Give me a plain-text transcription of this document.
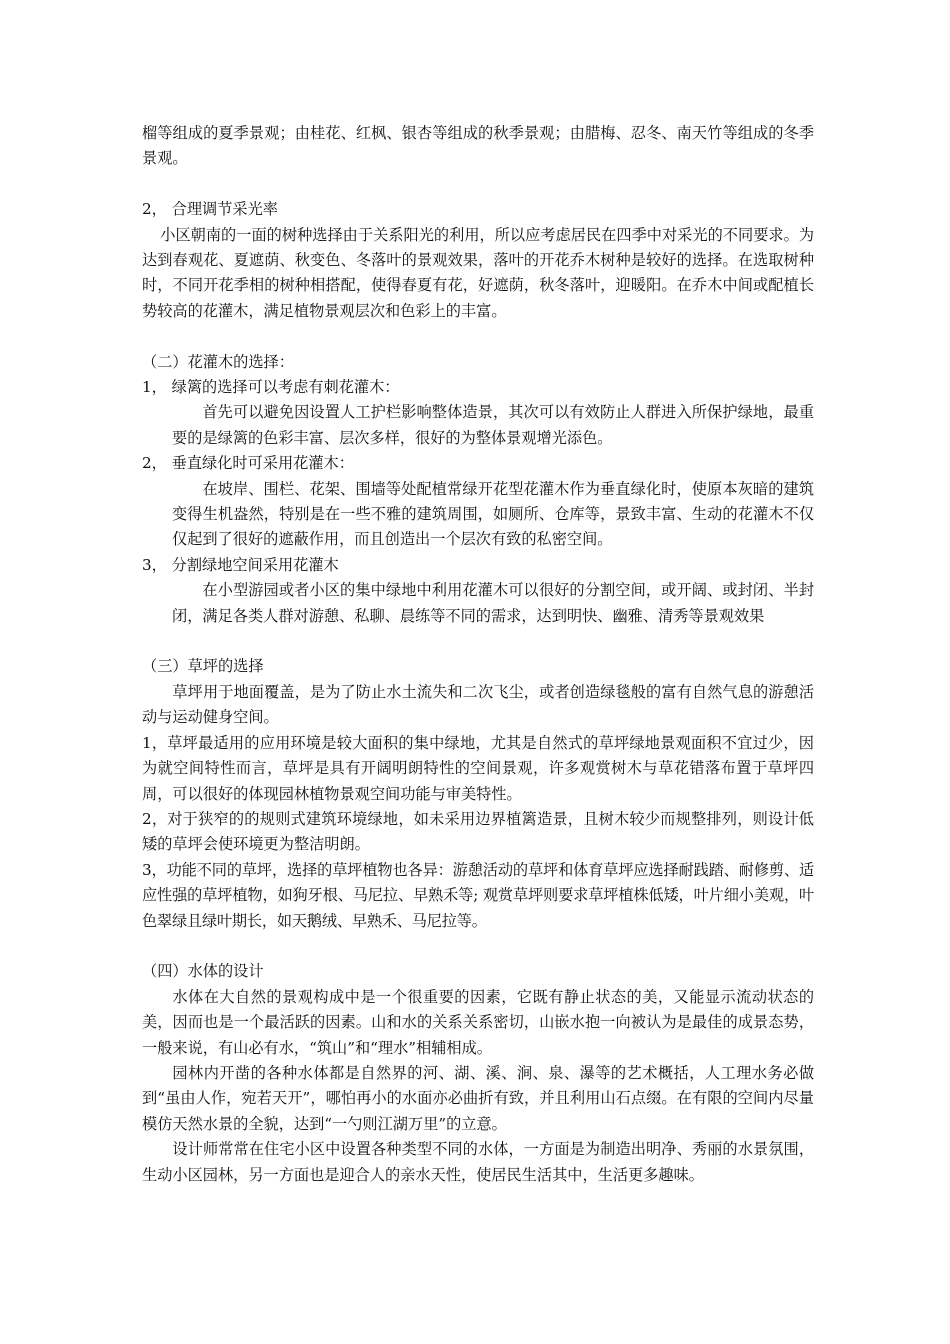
榴等组成的夏季景观；由桂花、红枫、银杏等组成的秋季景观；由腊梅、忍冬、南天竹等组成的冬季景观。

2， 合理调节采光率

小区朝南的一面的树种选择由于关系阳光的利用，所以应考虑居民在四季中对采光的不同要求。为达到春观花、夏遮荫、秋变色、冬落叶的景观效果，落叶的开花乔木树种是较好的选择。在选取树种时，不同开花季相的树种相搭配，使得春夏有花，好遮荫，秋冬落叶，迎暖阳。在乔木中间或配植长势较高的花灌木，满足植物景观层次和色彩上的丰富。

（二）花灌木的选择：

1， 绿篱的选择可以考虑有刺花灌木：

首先可以避免因设置人工护栏影响整体造景，其次可以有效防止人群进入所保护绿地，最重要的是绿篱的色彩丰富、层次多样，很好的为整体景观增光添色。

2， 垂直绿化时可采用花灌木：

在坡岸、围栏、花架、围墙等处配植常绿开花型花灌木作为垂直绿化时，使原本灰暗的建筑变得生机盎然，特别是在一些不雅的建筑周围，如厕所、仓库等，景致丰富、生动的花灌木不仅仅起到了很好的遮蔽作用，而且创造出一个层次有致的私密空间。

3， 分割绿地空间采用花灌木

在小型游园或者小区的集中绿地中利用花灌木可以很好的分割空间，或开阔、或封闭、半封闭，满足各类人群对游憩、私聊、晨练等不同的需求，达到明快、幽雅、清秀等景观效果

（三）草坪的选择

草坪用于地面覆盖，是为了防止水土流失和二次飞尘，或者创造绿毯般的富有自然气息的游憩活动与运动健身空间。

1，草坪最适用的应用环境是较大面积的集中绿地，尤其是自然式的草坪绿地景观面积不宜过少，因为就空间特性而言，草坪是具有开阔明朗特性的空间景观，许多观赏树木与草花错落布置于草坪四周，可以很好的体现园林植物景观空间功能与审美特性。

2，对于狭窄的的规则式建筑环境绿地，如未采用边界植篱造景，且树木较少而规整排列，则设计低矮的草坪会使环境更为整洁明朗。

3，功能不同的草坪，选择的草坪植物也各异：游憩活动的草坪和体育草坪应选择耐践踏、耐修剪、适应性强的草坪植物，如狗牙根、马尼拉、早熟禾等; 观赏草坪则要求草坪植株低矮，叶片细小美观，叶色翠绿且绿叶期长，如天鹅绒、早熟禾、马尼拉等。

（四）水体的设计

水体在大自然的景观构成中是一个很重要的因素，它既有静止状态的美，又能显示流动状态的美，因而也是一个最活跃的因素。山和水的关系关系密切，山嵌水抱一向被认为是最佳的成景态势，一般来说，有山必有水，“筑山”和“理水”相辅相成。

园林内开凿的各种水体都是自然界的河、湖、溪、涧、泉、瀑等的艺术概括，人工理水务必做到“虽由人作，宛若天开”，哪怕再小的水面亦必曲折有致，并且利用山石点缀。在有限的空间内尽量模仿天然水景的全貌，达到“一勺则江湖万里”的立意。

设计师常常在住宅小区中设置各种类型不同的水体，一方面是为制造出明净、秀丽的水景氛围，生动小区园林，另一方面也是迎合人的亲水天性，使居民生活其中，生活更多趣味。
